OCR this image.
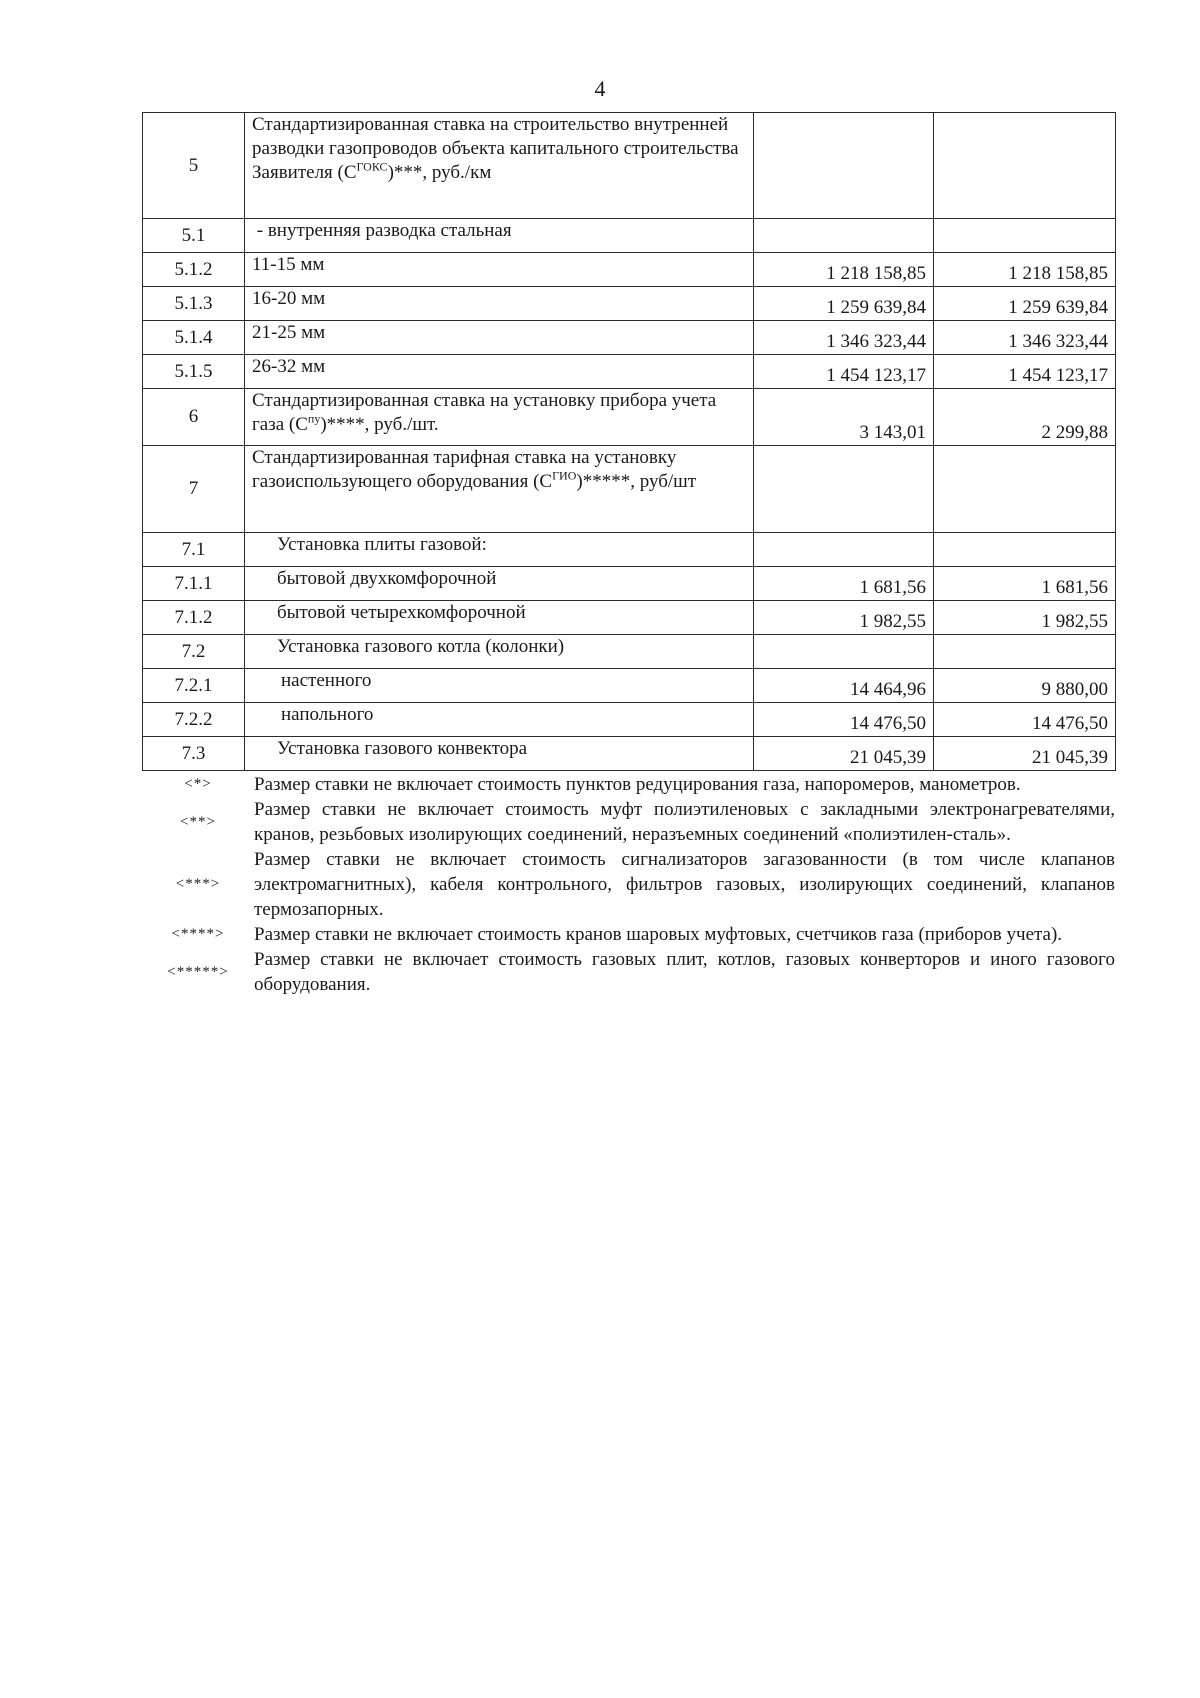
4
5	Стандартизированная ставка на строительство внутренней разводки газопроводов объекта капитального строительства Заявителя $(С^{ГОКС})***$, руб./км		
5.1	- внутренняя разводка стальная		
5.1.2	11-15 мм	1 218 158,85	1 218 158,85
5.1.3	16-20 мм	1 259 639,84	1 259 639,84
5.1.4	21-25 мм	1 346 323,44	1 346 323,44
5.1.5	26-32 мм	1 454 123,17	1 454 123,17
6	Стандартизированная ставка на установку прибора учета газа $(С^{пу})****$, руб./шт.	3 143,01	2 299,88
7	Стандартизированная тарифная ставка на установку газоиспользующего оборудования $(С^{ГИО})*****$, руб/шт		
7.1	Установка плиты газовой:		
7.1.1	бытовой двухкомфорочной	1 681,56	1 681,56
7.1.2	бытовой четырехкомфорочной	1 982,55	1 982,55
7.2	Установка газового котла (колонки)		
7.2.1	настенного	14 464,96	9 880,00
7.2.2	напольного	14 476,50	14 476,50
7.3	Установка газового конвектора	21 045,39	21 045,39
<*>	Размер ставки не включает стоимость пунктов редуцирования газа, напоромеров, манометров.
<**>
Размер ставки не включает стоимость муфт полиэтиленовых с закладными электронагревателями, кранов, резьбовых изолирующих соединений, неразъемных соединений «полиэтилен-сталь».
<***>
Размер ставки не включает стоимость сигнализаторов загазованности (в том числе клапанов электромагнитных), кабеля контрольного, фильтров газовых, изолирующих соединений, клапанов термозапорных.
<****>	Размер ставки не включает стоимость кранов шаровых муфтовых, счетчиков газа (приборов учета).
<*****>
Размер ставки не включает стоимость газовых плит, котлов, газовых конверторов и иного газового оборудования.
